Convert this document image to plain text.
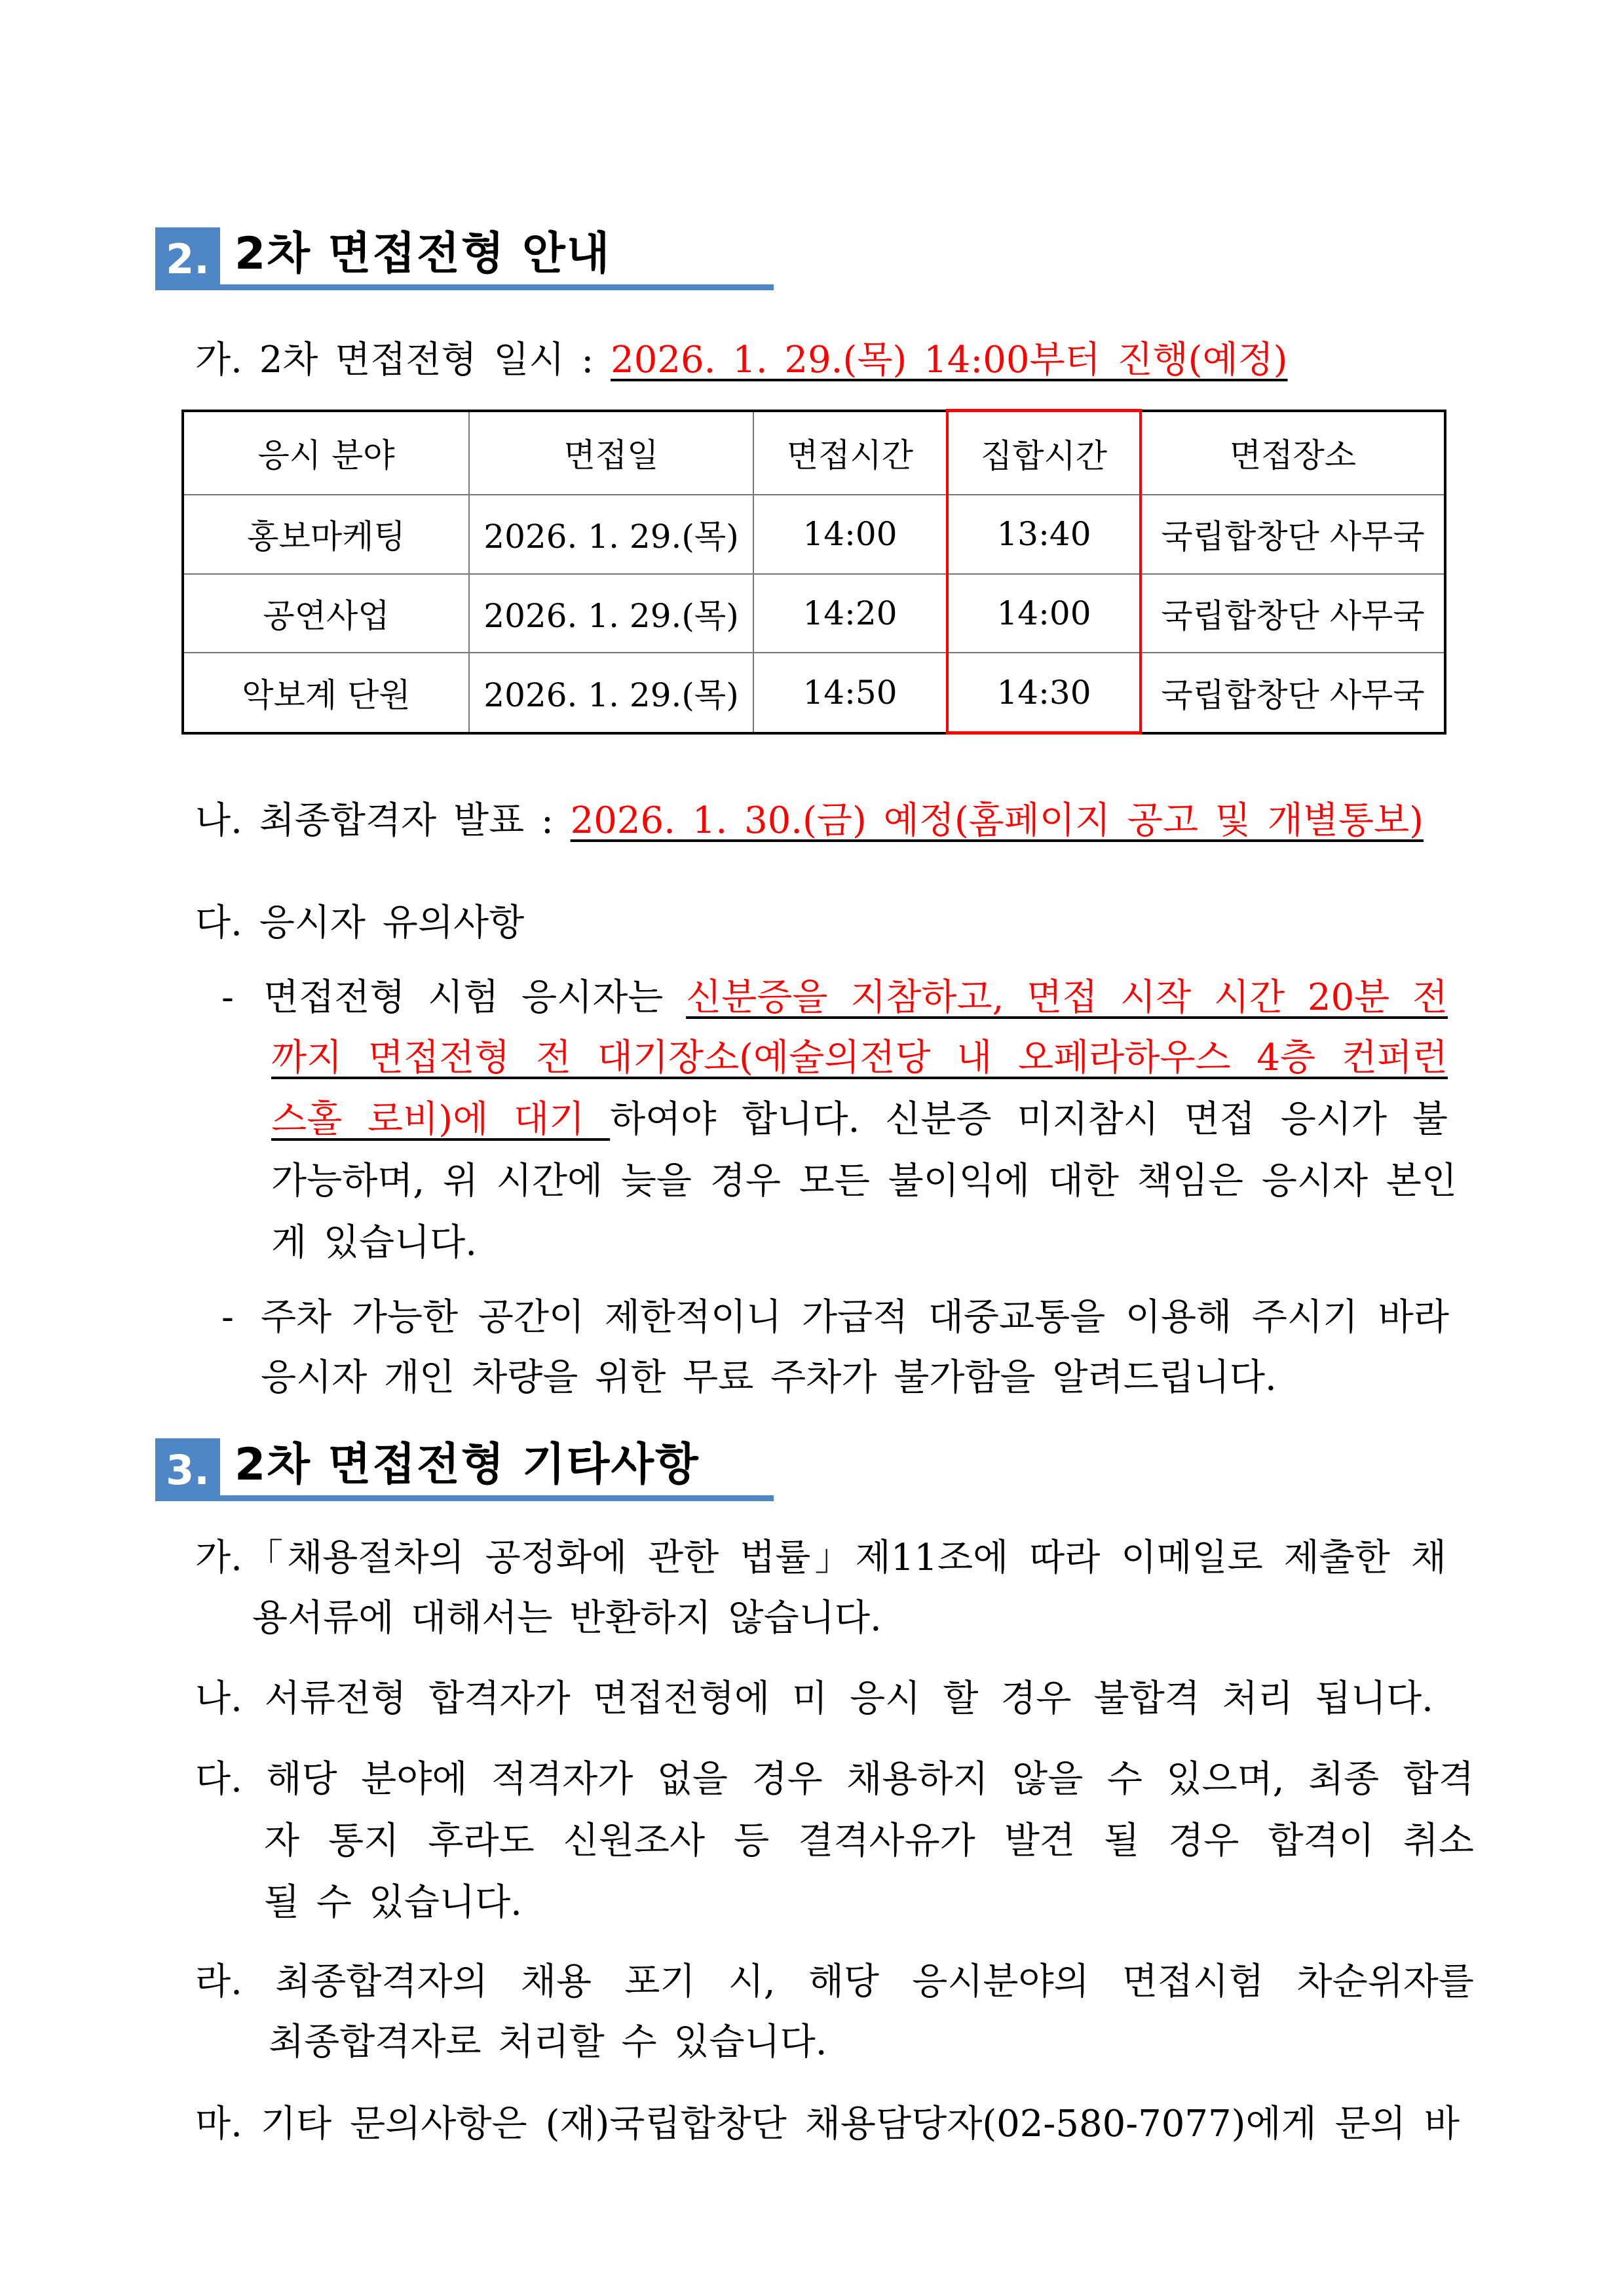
2. 2차 면접전형 안내
가. 2차 면접전형 일시 : 2026. 1. 29.(목) 14:00부터 진행(예정)
응시 분야	면접일	면접시간	집합시간	면접장소
홍보마케팅	2026. 1. 29.(목)	14:00	13:40	국립합창단 사무국
공연사업	2026. 1. 29.(목)	14:20	14:00	국립합창단 사무국
악보계 단원	2026. 1. 29.(목)	14:50	14:30	국립합창단 사무국
나. 최종합격자 발표 : 2026. 1. 30.(금) 예정(홈페이지 공고 및 개별통보)
다. 응시자 유의사항
- 면접전형 시험 응시자는 신분증을 지참하고, 면접 시작 시간 20분 전
까지 면접전형 전 대기장소(예술의전당 내 오페라하우스 4층 컨퍼런
스홀 로비)에 대기 하여야 합니다. 신분증 미지참시 면접 응시가 불
가능하며, 위 시간에 늦을 경우 모든 불이익에 대한 책임은 응시자 본인
게 있습니다.
- 주차 가능한 공간이 제한적이니 가급적 대중교통을 이용해 주시기 바라
응시자 개인 차량을 위한 무료 주차가 불가함을 알려드립니다.
3. 2차 면접전형 기타사항
가.「채용절차의 공정화에 관한 법률」제11조에 따라 이메일로 제출한 채
용서류에 대해서는 반환하지 않습니다.
나. 서류전형 합격자가 면접전형에 미 응시 할 경우 불합격 처리 됩니다.
다. 해당 분야에 적격자가 없을 경우 채용하지 않을 수 있으며, 최종 합격
자 통지 후라도 신원조사 등 결격사유가 발견 될 경우 합격이 취소
될 수 있습니다.
라. 최종합격자의 채용 포기 시, 해당 응시분야의 면접시험 차순위자를
최종합격자로 처리할 수 있습니다.
마. 기타 문의사항은 (재)국립합창단 채용담당자(02-580-7077)에게 문의 바
